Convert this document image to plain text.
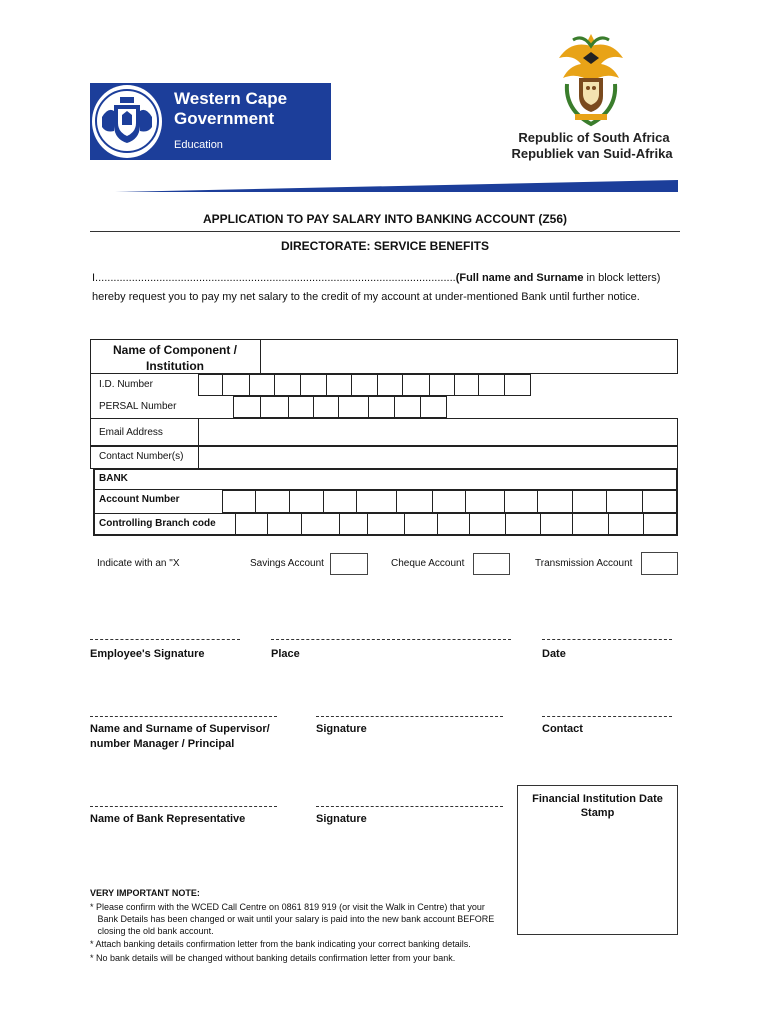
Western Cape
Government
Education	Republic of South Africa
Republiek van Suid-Afrika
APPLICATION TO PAY SALARY INTO BANKING ACCOUNT (Z56)
DIRECTORATE: SERVICE BENEFITS
I......................................................................................................................(Full name and Surname in block letters)
hereby request you to pay my net salary to the credit of my account at under-mentioned Bank until further notice.
Name of Component / Institution
I.D. Number
PERSAL Number
Email Address
Contact Number(s)
BANK
Account Number
Controlling Branch code
Indicate with an "X	Savings Account	Cheque Account	Transmission Account
Employee's Signature	Place	Date
Name and Surname of Supervisor/
number Manager / Principal
Signature	Contact
Name of Bank Representative	Signature
Financial Institution Date
Stamp
VERY IMPORTANT NOTE:
* Please confirm with the WCED Call Centre on 0861 819 919 (or visit the Walk in Centre) that your
Bank Details has been changed or wait until your salary is paid into the new bank account BEFORE
closing the old bank account.
* Attach banking details confirmation letter from the bank indicating your correct banking details.
* No bank details will be changed without banking details confirmation letter from your bank.
